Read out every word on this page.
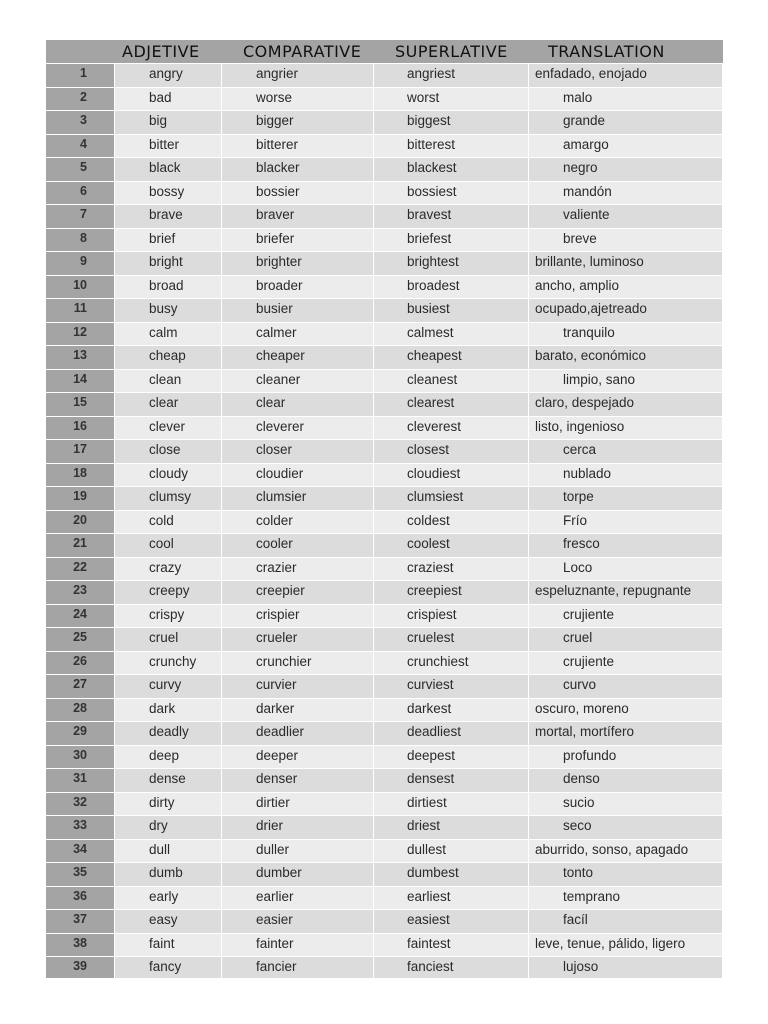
	ADJETIVE	COMPARATIVE	SUPERLATIVE	TRANSLATION
1	angry	angrier	angriest	enfadado, enojado
2	bad	worse	worst	malo
3	big	bigger	biggest	grande
4	bitter	bitterer	bitterest	amargo
5	black	blacker	blackest	negro
6	bossy	bossier	bossiest	mandón
7	brave	braver	bravest	valiente
8	brief	briefer	briefest	breve
9	bright	brighter	brightest	brillante, luminoso
10	broad	broader	broadest	ancho, amplio
11	busy	busier	busiest	ocupado,ajetreado
12	calm	calmer	calmest	tranquilo
13	cheap	cheaper	cheapest	barato, económico
14	clean	cleaner	cleanest	limpio, sano
15	clear	clear	clearest	claro, despejado
16	clever	cleverer	cleverest	listo, ingenioso
17	close	closer	closest	cerca
18	cloudy	cloudier	cloudiest	nublado
19	clumsy	clumsier	clumsiest	torpe
20	cold	colder	coldest	Frío
21	cool	cooler	coolest	fresco
22	crazy	crazier	craziest	Loco
23	creepy	creepier	creepiest	espeluznante, repugnante
24	crispy	crispier	crispiest	crujiente
25	cruel	crueler	cruelest	cruel
26	crunchy	crunchier	crunchiest	crujiente
27	curvy	curvier	curviest	curvo
28	dark	darker	darkest	oscuro, moreno
29	deadly	deadlier	deadliest	mortal, mortífero
30	deep	deeper	deepest	profundo
31	dense	denser	densest	denso
32	dirty	dirtier	dirtiest	sucio
33	dry	drier	driest	seco
34	dull	duller	dullest	aburrido, sonso, apagado
35	dumb	dumber	dumbest	tonto
36	early	earlier	earliest	temprano
37	easy	easier	easiest	facíl
38	faint	fainter	faintest	leve, tenue, pálido, ligero
39	fancy	fancier	fanciest	lujoso
